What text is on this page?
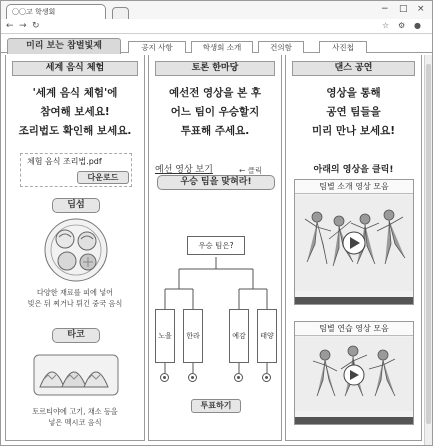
〇〇고 학생회	− □ ×
← → ↻	☆ ⚙ ●
미리 보는 참별빛제	공지 사항	학생회 소개	건의함	사진첩
세계 음식 체험
'세계 음식 체험'에
참여해 보세요!
조리법도 확인해 보세요.
체험 음식 조리법.pdf
다운로드
딤섬
다양한 재료를 피에 넣어
빚은 뒤 찌거나 튀긴 중국 음식
타코
토르티야에 고기, 채소 등을
넣은 멕시코 음식
토론 한마당
예선전 영상을 본 후
어느 팀이 우승할지
투표해 주세요.
예선 영상 보기	← 클릭
우승 팀을 맞혀라!
우승 팀은?
노을	한라	예감	태양
투표하기
댄스 공연
영상을 통해
공연 팀들을
미리 만나 보세요!
아래의 영상을 클릭!
팀별 소개 영상 모음
팀별 연습 영상 모음
